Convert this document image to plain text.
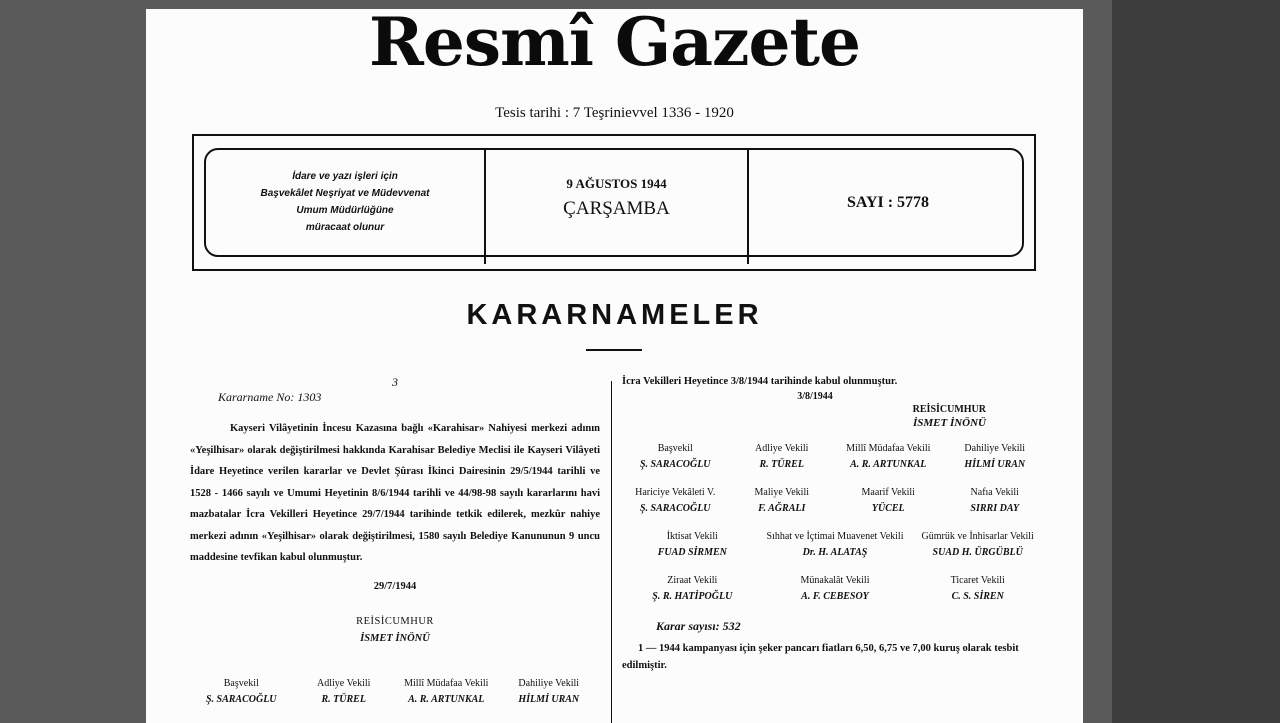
Resmî Gazete
Tesis tarihi : 7 Teşrinievvel 1336 - 1920
İdare ve yazı işleri için
Başvekâlet Neşriyat ve Müdevvenat
Umum Müdürlüğüne
müracaat olunur
9 AĞUSTOS 1944
ÇARŞAMBA	SAYI : 5778
KARARNAMELER
3
Kararname No: 1303

Kayseri Vilâyetinin İncesu Kazasına bağlı «Karahisar» Nahiyesi merkezi adının «Yeşilhisar» olarak değiştirilmesi hakkında Karahisar Belediye Meclisi ile Kayseri Vilâyeti İdare Heyetince verilen kararlar ve Devlet Şûrası İkinci Dairesinin 29/5/1944 tarihli ve 1528 - 1466 sayılı ve Umumi Heyetinin 8/6/1944 tarihli ve 44/98-98 sayılı kararlarını havi mazbatalar İcra Vekilleri Heyetince 29/7/1944 tarihinde tetkik edilerek, mezkûr nahiye merkezi adının «Yeşilhisar» olarak değiştirilmesi, 1580 sayılı Belediye Kanununun 9 uncu maddesine tevfikan kabul olunmuştur.

29/7/1944
REİSİCUMHUR
İSMET İNÖNÜ
Başvekil
Ş. SARACOĞLU
Adliye Vekili
R. TÜREL
Millî Müdafaa Vekili
A. R. ARTUNKAL
Dahiliye Vekili
HİLMİ URAN
İcra Vekilleri Heyetince 3/8/1944 tarihinde kabul olunmuştur.
3/8/1944
REİSİCUMHUR
İSMET İNÖNÜ
Başvekil
Ş. SARACOĞLU
Adliye Vekili
R. TÜREL
Millî Müdafaa Vekili
A. R. ARTUNKAL
Dahiliye Vekili
HİLMİ URAN
Hariciye Vekâleti V.
Ş. SARACOĞLU
Maliye Vekili
F. AĞRALI
Maarif Vekili
YÜCEL
Nafıa Vekili
SIRRI DAY
İktisat Vekili
FUAD SİRMEN
Sıhhat ve İçtimai Muavenet Vekili
Dr. H. ALATAŞ
Gümrük ve İnhisarlar Vekili
SUAD H. ÜRGÜBLÜ
Ziraat Vekili
Ş. R. HATİPOĞLU
Münakalât Vekili
A. F. CEBESOY
Ticaret Vekili
C. S. SİREN
Karar sayısı: 532
1 — 1944 kampanyası için şeker pancarı fiatları 6,50, 6,75 ve 7,00 kuruş olarak tesbit edilmiştir.
